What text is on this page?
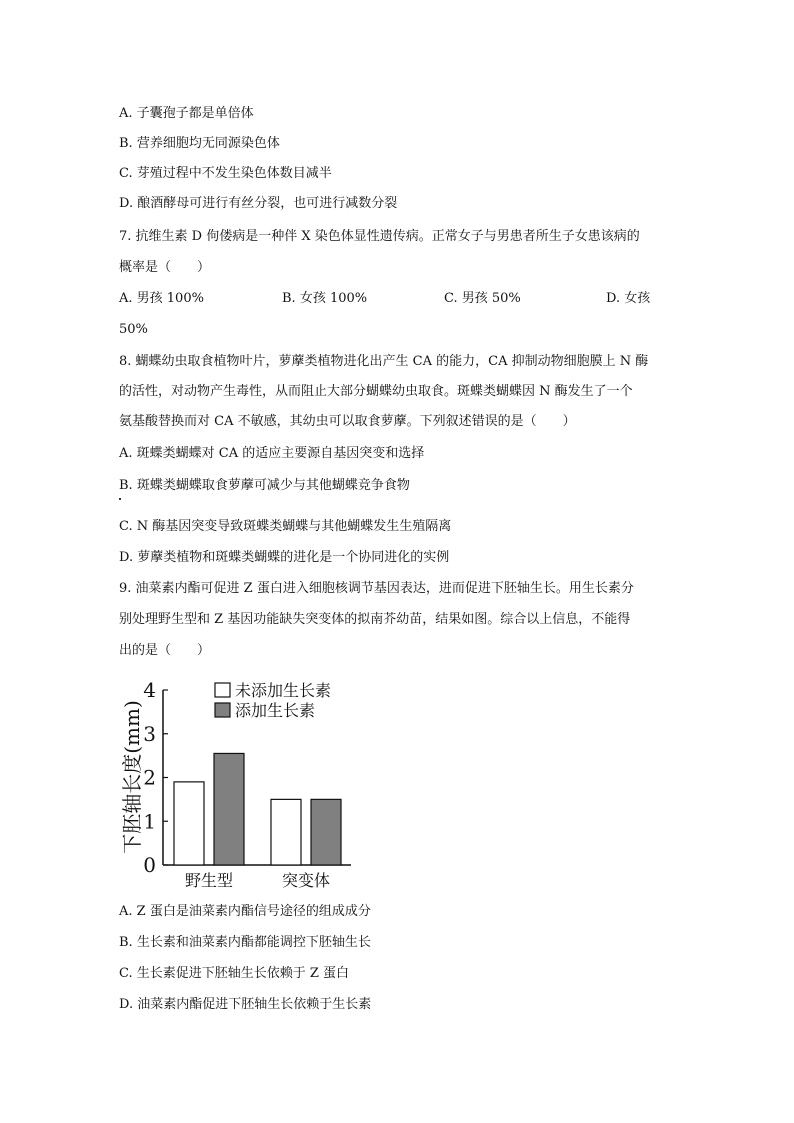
A. 子囊孢子都是单倍体
B. 营养细胞均无同源染色体
C. 芽殖过程中不发生染色体数目减半
D. 酿酒酵母可进行有丝分裂，也可进行减数分裂
7. 抗维生素 D 佝偻病是一种伴 X 染色体显性遗传病。正常女子与男患者所生子女患该病的
概率是（　　）
A. 男孩 100%	B. 女孩 100%	C. 男孩 50%	D. 女孩
50%
8. 蝴蝶幼虫取食植物叶片，萝藦类植物进化出产生 CA 的能力，CA 抑制动物细胞膜上 N 酶
的活性，对动物产生毒性，从而阻止大部分蝴蝶幼虫取食。斑蝶类蝴蝶因 N 酶发生了一个
氨基酸替换而对 CA 不敏感，其幼虫可以取食萝藦。下列叙述错误的是（　　）
A. 斑蝶类蝴蝶对 CA 的适应主要源自基因突变和选择
B. 斑蝶类蝴蝶取食萝藦可减少与其他蝴蝶竞争食物
C. N 酶基因突变导致斑蝶类蝴蝶与其他蝴蝶发生生殖隔离
D. 萝藦类植物和斑蝶类蝴蝶的进化是一个协同进化的实例
9. 油菜素内酯可促进 Z 蛋白进入细胞核调节基因表达，进而促进下胚轴生长。用生长素分
别处理野生型和 Z 基因功能缺失突变体的拟南芥幼苗，结果如图。综合以上信息，不能得
出的是（　　）
0
1
2
3
4
下胚轴长度(mm)
野生型	突变体
未添加生长素
添加生长素
A. Z 蛋白是油菜素内酯信号途径的组成成分
B. 生长素和油菜素内酯都能调控下胚轴生长
C. 生长素促进下胚轴生长依赖于 Z 蛋白
D. 油菜素内酯促进下胚轴生长依赖于生长素
